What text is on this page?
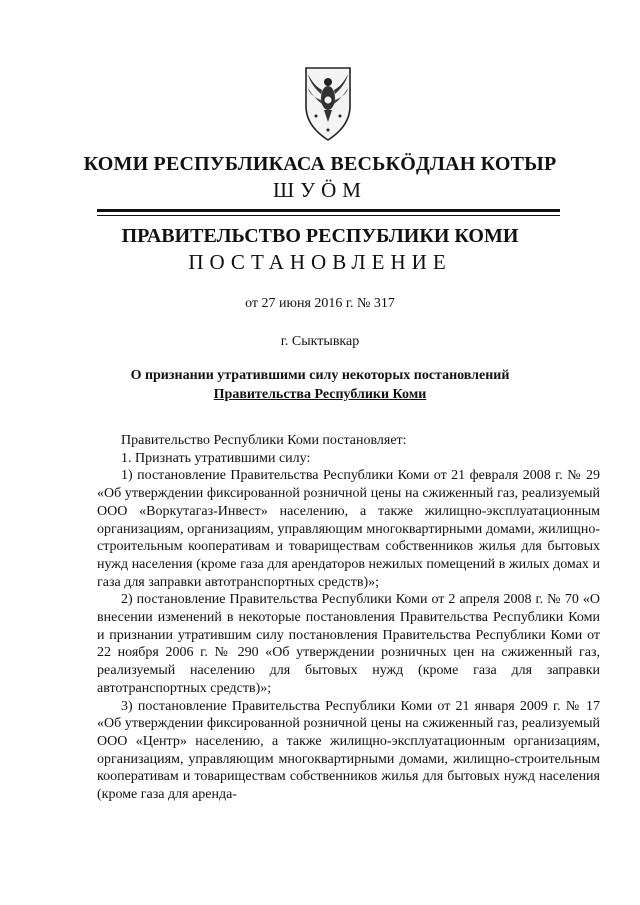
КОМИ РЕСПУБЛИКАСА ВЕСЬКӦДЛАН КОТЫР
ШУӦМ
ПРАВИТЕЛЬСТВО РЕСПУБЛИКИ КОМИ
ПОСТАНОВЛЕНИЕ
от 27 июня 2016 г. № 317
г. Сыктывкар
О признании утратившими силу некоторых постановлений
Правительства Республики Коми

Правительство Республики Коми постановляет:

1. Признать утратившими силу:

1) постановление Правительства Республики Коми от 21 февраля 2008 г. № 29 «Об утверждении фиксированной розничной цены на сжиженный газ, реализуемый ООО «Воркутагаз-Инвест» населению, а также жилищно-эксплуатационным организациям, организациям, управляющим многоквартирными домами, жилищно-строительным кооперативам и товариществам собственников жилья для бытовых нужд населения (кроме газа для арендаторов нежилых помещений в жилых домах и газа для заправки автотранспортных средств)»;

2) постановление Правительства Республики Коми от 2 апреля 2008 г. № 70 «О внесении изменений в некоторые постановления Правительства Республики Коми и признании утратившим силу постановления Правительства Республики Коми от 22 ноября 2006 г. № 290 «Об утверждении розничных цен на сжиженный газ, реализуемый населению для бытовых нужд (кроме газа для заправки автотранспортных средств)»;

3) постановление Правительства Республики Коми от 21 января 2009 г. № 17 «Об утверждении фиксированной розничной цены на сжиженный газ, реализуемый ООО «Центр» населению, а также жилищно-эксплуатационным организациям, организациям, управляющим многоквартирными домами, жилищно-строительным кооперативам и товариществам собственников жилья для бытовых нужд населения (кроме газа для аренда-
